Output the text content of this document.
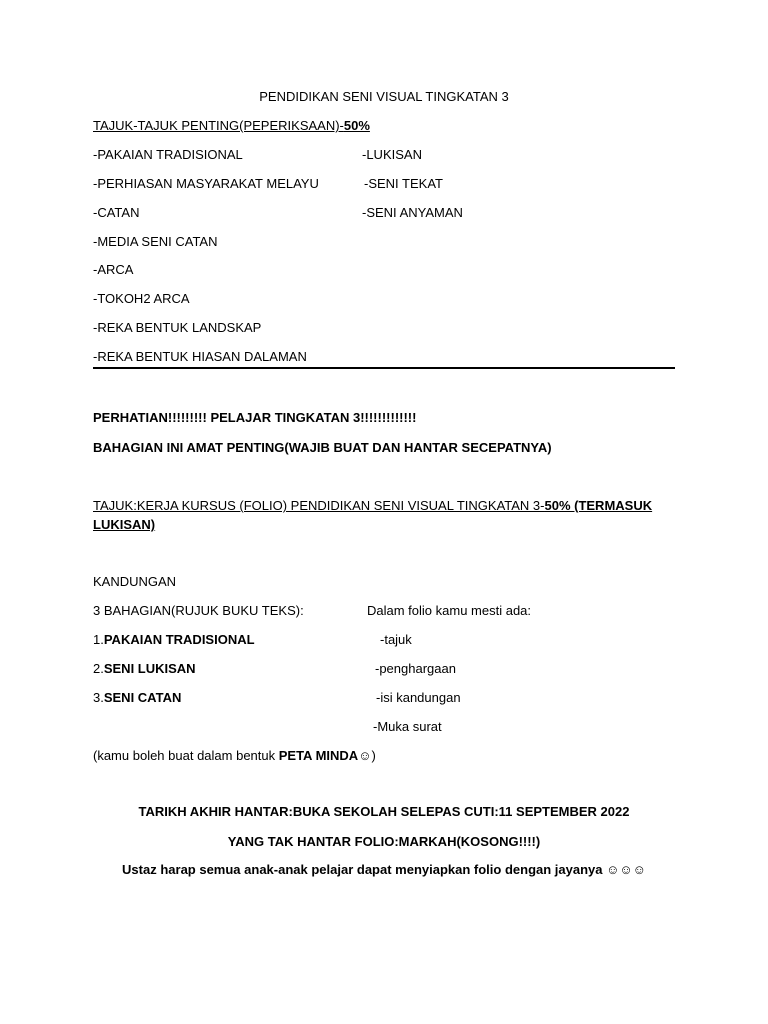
PENDIDIKAN SENI VISUAL TINGKATAN 3
TAJUK-TAJUK PENTING(PEPERIKSAAN)-50%
-PAKAIAN TRADISIONAL
-PERHIASAN MASYARAKAT MELAYU
-CATAN
-MEDIA SENI CATAN
-ARCA
-TOKOH2 ARCA
-REKA BENTUK LANDSKAP
-REKA BENTUK HIASAN DALAMAN
-LUKISAN
-SENI TEKAT
-SENI ANYAMAN
PERHATIAN!!!!!!!!! PELAJAR TINGKATAN 3!!!!!!!!!!!!!
BAHAGIAN INI AMAT PENTING(WAJIB BUAT DAN HANTAR SECEPATNYA)
TAJUK:KERJA KURSUS (FOLIO) PENDIDIKAN SENI VISUAL TINGKATAN 3-50% (TERMASUK
LUKISAN)
KANDUNGAN
3 BAHAGIAN(RUJUK BUKU TEKS):
1.PAKAIAN TRADISIONAL
2.SENI LUKISAN
3.SENI CATAN
Dalam folio kamu mesti ada:
-tajuk
-penghargaan
-isi kandungan
-Muka surat
(kamu boleh buat dalam bentuk PETA MINDA☺)
TARIKH AKHIR HANTAR:BUKA SEKOLAH SELEPAS CUTI:11 SEPTEMBER 2022
YANG TAK HANTAR FOLIO:MARKAH(KOSONG!!!!)
Ustaz harap semua anak-anak pelajar dapat menyiapkan folio dengan jayanya ☺☺☺
